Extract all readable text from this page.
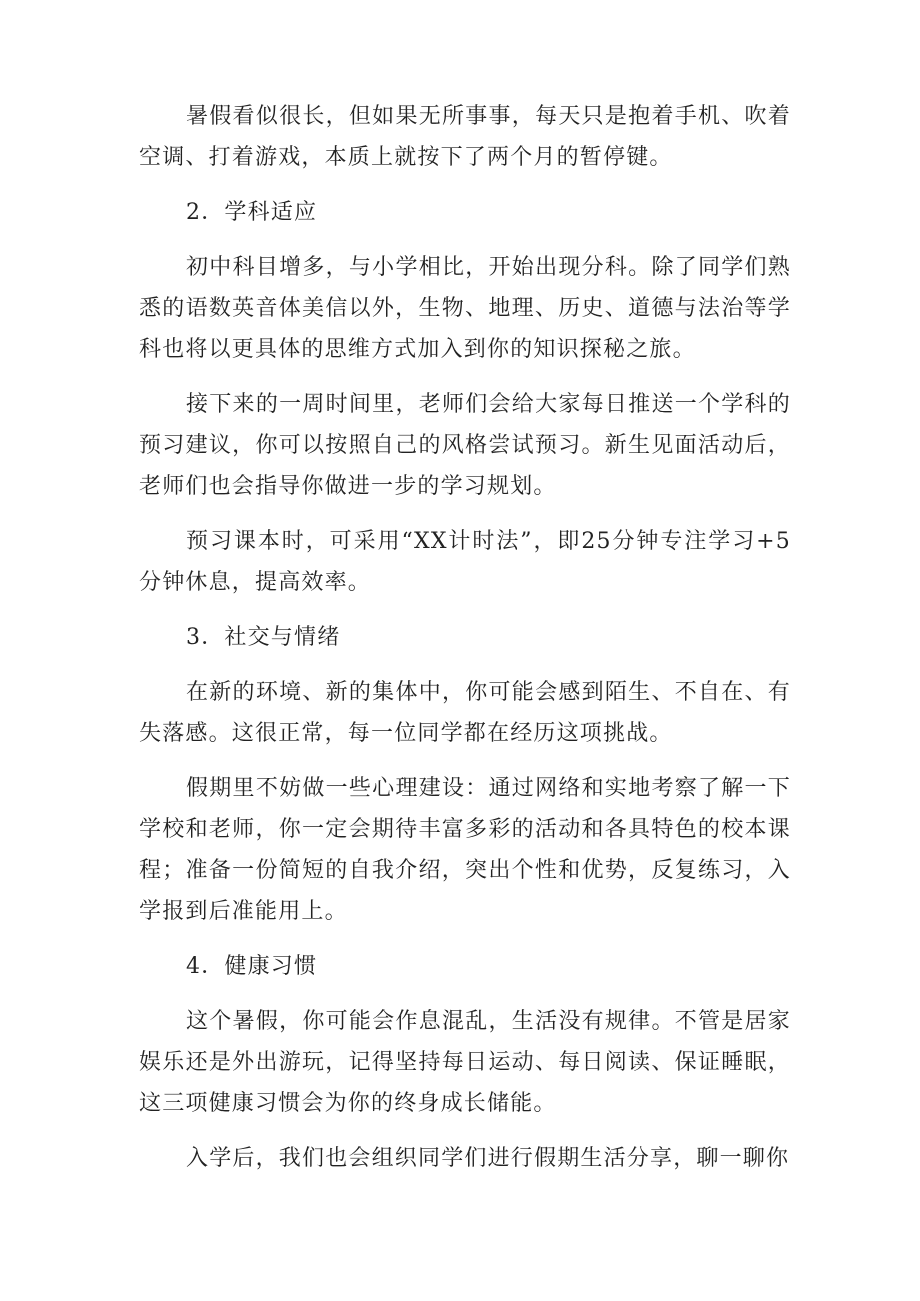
暑假看似很长，但如果无所事事，每天只是抱着手机、吹着空调、打着游戏，本质上就按下了两个月的暂停键。

2．学科适应

初中科目增多，与小学相比，开始出现分科。除了同学们熟悉的语数英音体美信以外，生物、地理、历史、道德与法治等学科也将以更具体的思维方式加入到你的知识探秘之旅。

接下来的一周时间里，老师们会给大家每日推送一个学科的预习建议，你可以按照自己的风格尝试预习。新生见面活动后，老师们也会指导你做进一步的学习规划。

预习课本时，可采用“XX计时法”，即25分钟专注学习+5分钟休息，提高效率。

3．社交与情绪

在新的环境、新的集体中，你可能会感到陌生、不自在、有失落感。这很正常，每一位同学都在经历这项挑战。

假期里不妨做一些心理建设：通过网络和实地考察了解一下学校和老师，你一定会期待丰富多彩的活动和各具特色的校本课程；准备一份简短的自我介绍，突出个性和优势，反复练习，入学报到后准能用上。

4．健康习惯

这个暑假，你可能会作息混乱，生活没有规律。不管是居家娱乐还是外出游玩，记得坚持每日运动、每日阅读、保证睡眠，这三项健康习惯会为你的终身成长储能。

入学后，我们也会组织同学们进行假期生活分享，聊一聊你
